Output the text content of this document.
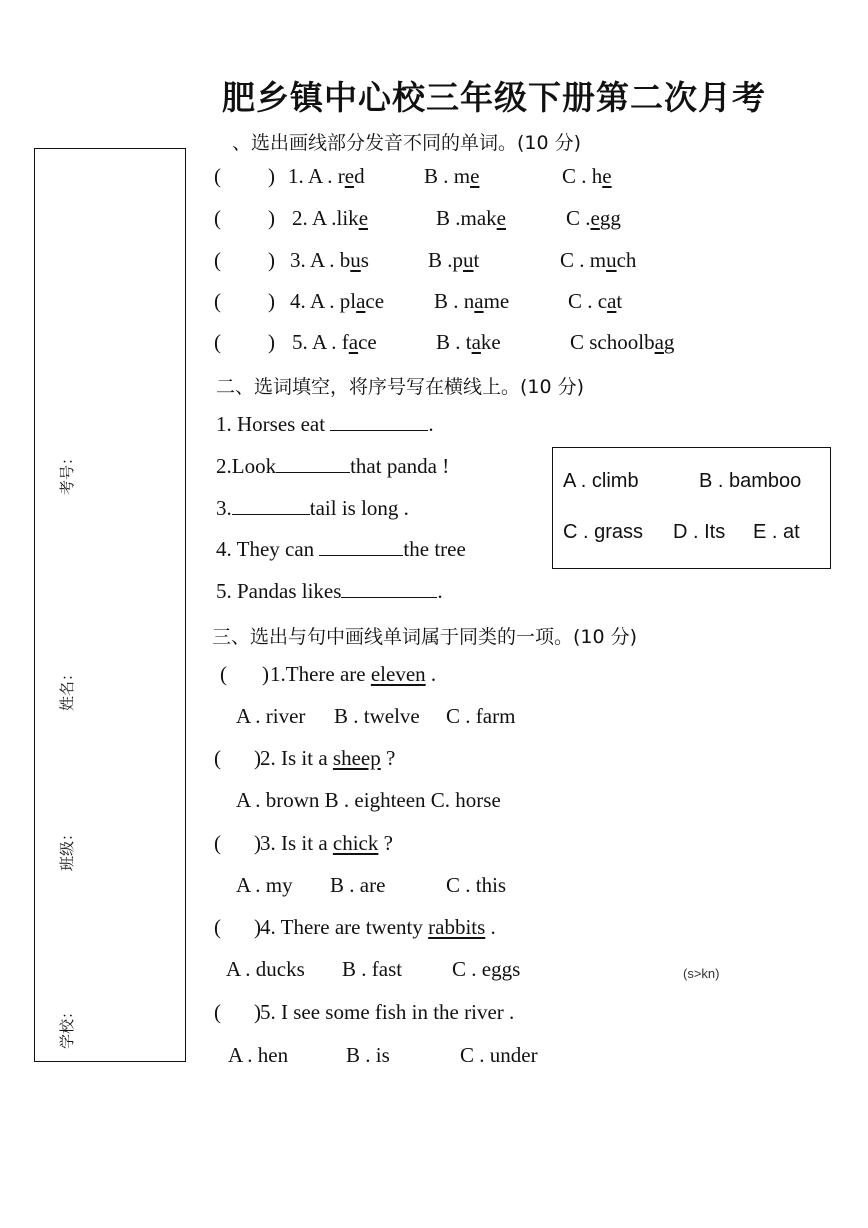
肥乡镇中心校三年级下册第二次月考
考号：
姓名：
班级：
学校：
、选出画线部分发音不同的单词。(10 分)
( ) 1. A . red	B . me	C . he
( ) 2. A .like	B .make	C .egg
( ) 3. A . bus	B .put	C . much
( ) 4. A . place B . name	C . cat
( ) 5. A . face	B . take	C schoolbag
二、选词填空，将序号写在横线上。(10 分)
1. Horses eat	.
2.Look	that panda !
3.	tail is long .
4. They can	the tree
5. Pandas likes	.
A . climb	B . bamboo
C . grass D . Its E . at
三、选出与句中画线单词属于同类的一项。(10 分)
( ) 1.There are eleven .
A . river B . twelve C . farm
( ) 2. Is it a sheep ?
A . brown B . eighteen C. horse
( ) 3. Is it a chick ?
A . my B . are	C . this
( ) 4. There are twenty rabbits .
A . ducks B . fast C . eggs
( ) 5. I see some fish in the river .
A . hen	B . is	C . under
(s>kn)
